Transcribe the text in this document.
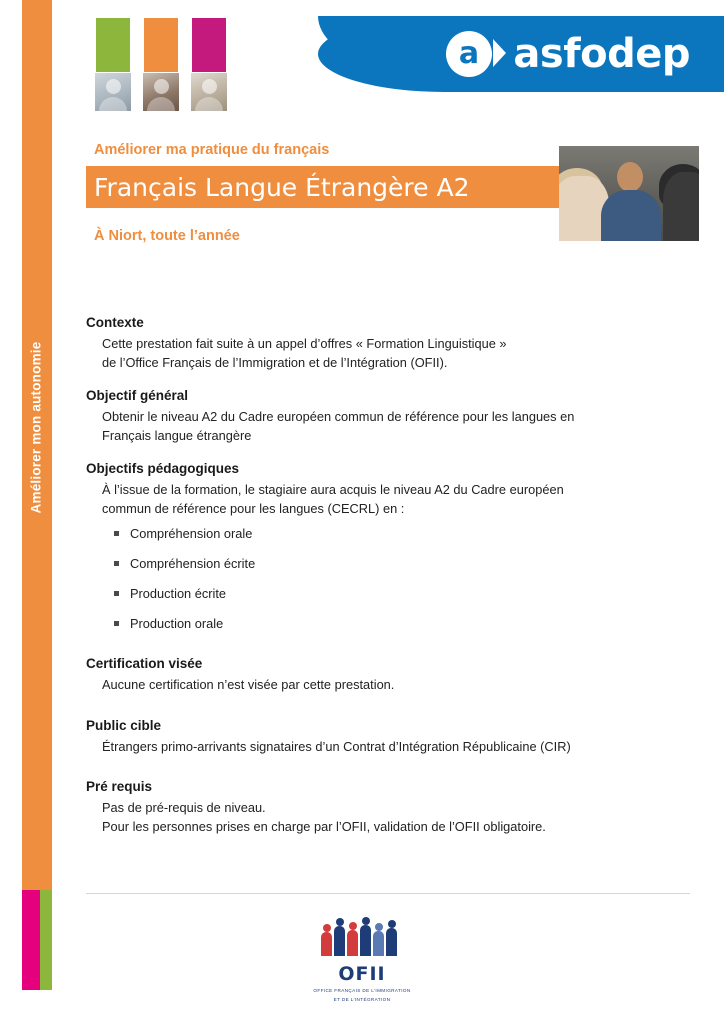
Améliorer mon autonomie
a asfodep
Améliorer ma pratique du français
Français Langue Étrangère A2
À Niort, toute l’année
Contexte

Cette prestation fait suite à un appel d’offres « Formation Linguistique »

de l’Office Français de l’Immigration et de l’Intégration (OFII).

Objectif général

Obtenir le niveau A2 du Cadre européen commun de référence pour les langues en

Français langue étrangère

Objectifs pédagogiques

À l’issue de la formation, le stagiaire aura acquis le niveau A2 du Cadre européen

commun de référence pour les langues (CECRL) en :

Compréhension orale
Compréhension écrite
Production écrite
Production orale
Certification visée

Aucune certification n’est visée par cette prestation.

Public cible

Étrangers primo-arrivants signataires d’un Contrat d’Intégration Républicaine (CIR)

Pré requis

Pas de pré-requis de niveau.

Pour les personnes prises en charge par l’OFII, validation de l’OFII obligatoire.

OFII
OFFICE FRANÇAIS DE L’IMMIGRATION
ET DE L’INTÉGRATION
